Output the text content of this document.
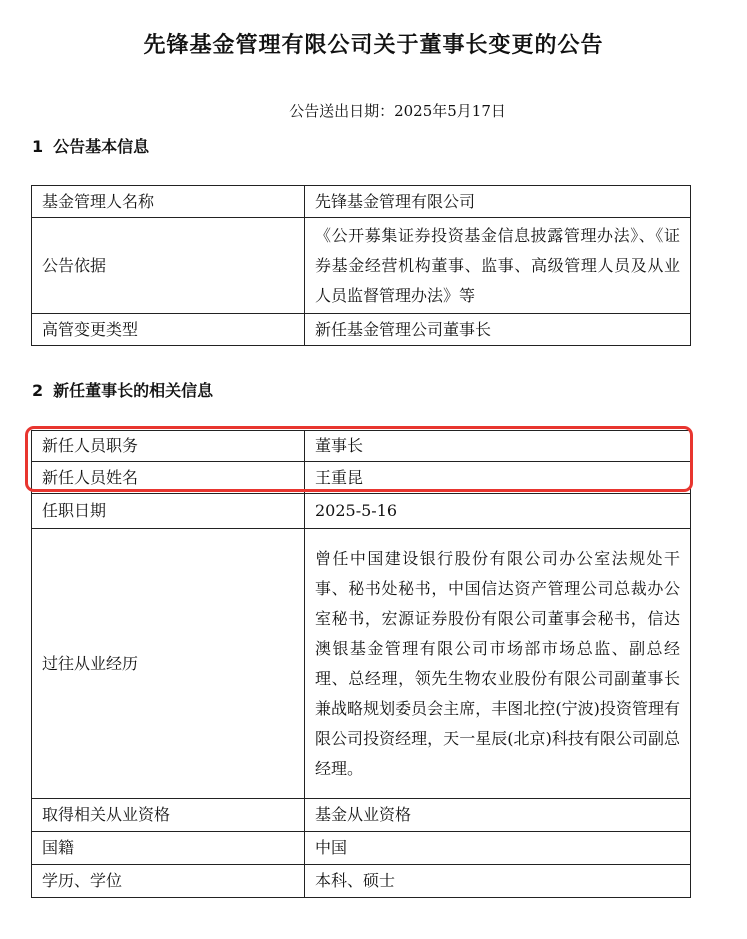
先锋基金管理有限公司关于董事长变更的公告
公告送出日期：2025年5月17日
1 公告基本信息
基金管理人名称	先锋基金管理有限公司
公告依据	《公开募集证券投资基金信息披露管理办法》、《证券基金经营机构董事、监事、高级管理人员及从业人员监督管理办法》等
高管变更类型	新任基金管理公司董事长
2 新任董事长的相关信息
新任人员职务	董事长
新任人员姓名	王重昆
任职日期	2025-5-16
过往从业经历	曾任中国建设银行股份有限公司办公室法规处干事、秘书处秘书，中国信达资产管理公司总裁办公室秘书，宏源证券股份有限公司董事会秘书，信达澳银基金管理有限公司市场部市场总监、副总经理、总经理，领先生物农业股份有限公司副董事长兼战略规划委员会主席，丰图北控(宁波)投资管理有限公司投资经理，天一星辰(北京)科技有限公司副总经理。
取得相关从业资格	基金从业资格
国籍	中国
学历、学位	本科、硕士
